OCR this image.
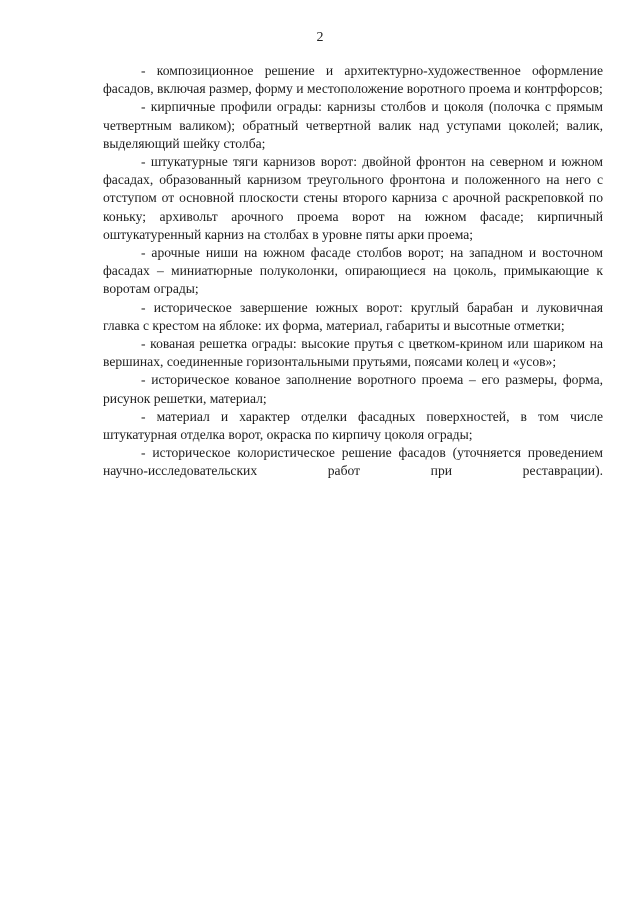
2

- композиционное решение и архитектурно-художественное оформление фасадов, включая размер, форму и местоположение воротного проема и контрфорсов;

- кирпичные профили ограды: карнизы столбов и цоколя (полочка с прямым четвертным валиком); обратный четвертной валик над уступами цоколей; валик, выделяющий шейку столба;

- штукатурные тяги карнизов ворот: двойной фронтон на северном и южном фасадах, образованный карнизом треугольного фронтона и положенного на него с отступом от основной плоскости стены второго карниза с арочной раскреповкой по коньку; архивольт арочного проема ворот на южном фасаде; кирпичный оштукатуренный карниз на столбах в уровне пяты арки проема;

- арочные ниши на южном фасаде столбов ворот; на западном и восточном фасадах – миниатюрные полуколонки, опирающиеся на цоколь, примыкающие к воротам ограды;

- историческое завершение южных ворот: круглый барабан и луковичная главка с крестом на яблоке: их форма, материал, габариты и высотные отметки;

- кованая решетка ограды: высокие прутья с цветком-крином или шариком на вершинах, соединенные горизонтальными прутьями, поясами колец и «усов»;

- историческое кованое заполнение воротного проема – его размеры, форма, рисунок решетки, материал;

- материал и характер отделки фасадных поверхностей, в том числе штукатурная отделка ворот, окраска по кирпичу цоколя ограды;

- историческое колористическое решение фасадов (уточняется проведением научно-исследовательских работ при реставрации).
